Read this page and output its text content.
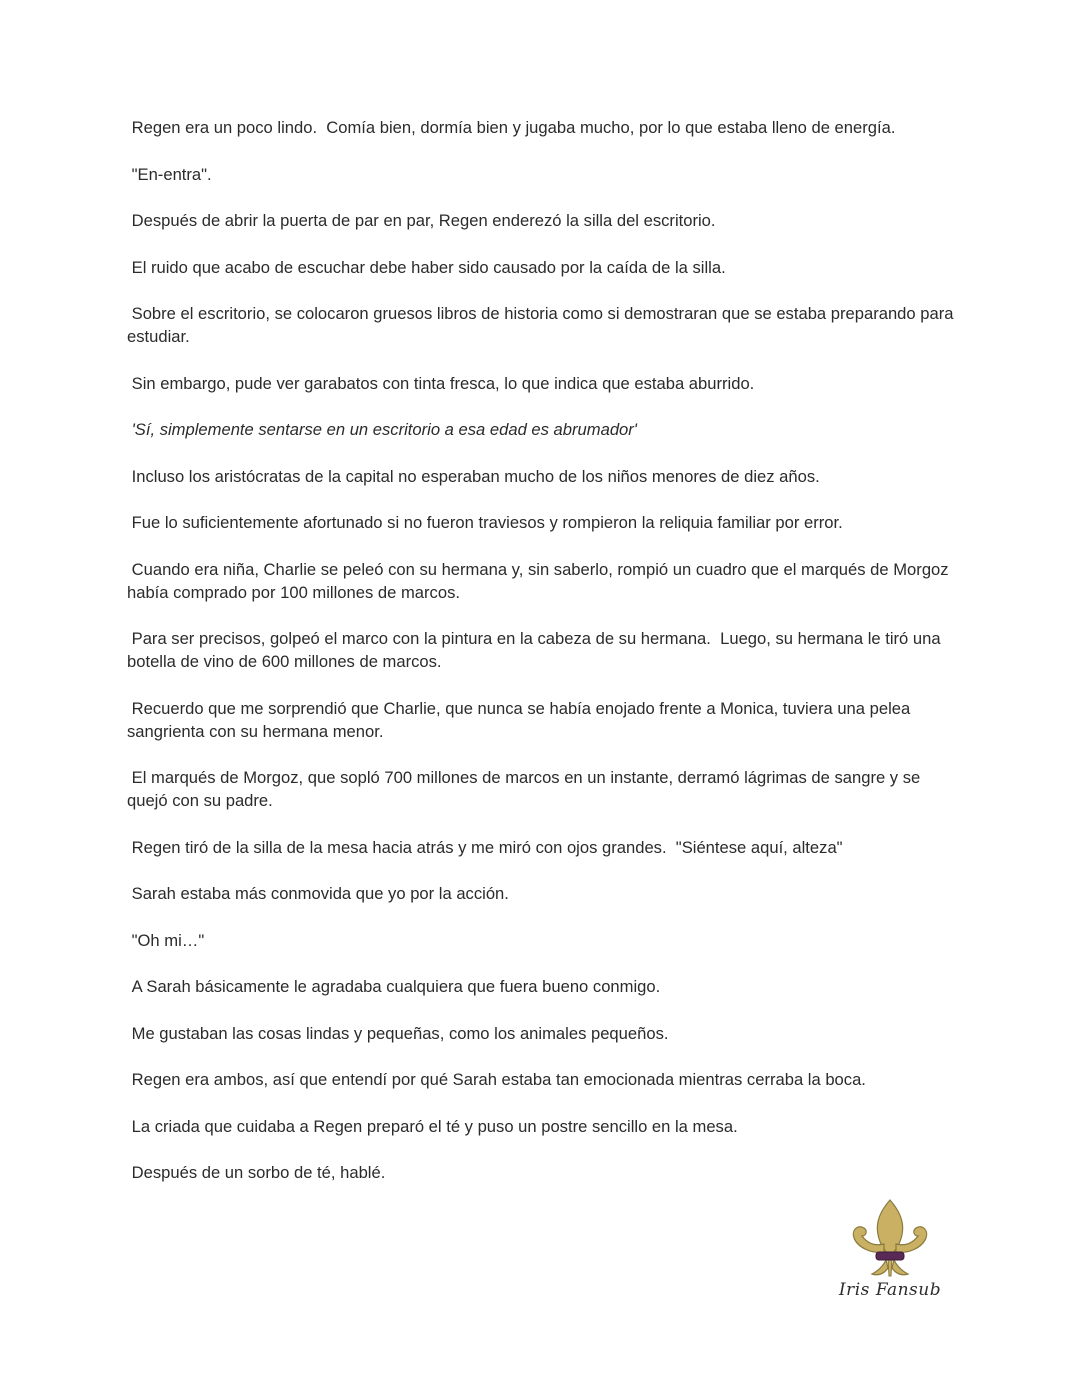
Regen era un poco lindo.  Comía bien, dormía bien y jugaba mucho, por lo que estaba lleno de energía.

"En-entra".

Después de abrir la puerta de par en par, Regen enderezó la silla del escritorio.

El ruido que acabo de escuchar debe haber sido causado por la caída de la silla.

Sobre el escritorio, se colocaron gruesos libros de historia como si demostraran que se estaba preparando para estudiar.

Sin embargo, pude ver garabatos con tinta fresca, lo que indica que estaba aburrido.

'Sí, simplemente sentarse en un escritorio a esa edad es abrumador'

Incluso los aristócratas de la capital no esperaban mucho de los niños menores de diez años.

Fue lo suficientemente afortunado si no fueron traviesos y rompieron la reliquia familiar por error.

Cuando era niña, Charlie se peleó con su hermana y, sin saberlo, rompió un cuadro que el marqués de Morgoz había comprado por 100 millones de marcos.

Para ser precisos, golpeó el marco con la pintura en la cabeza de su hermana.  Luego, su hermana le tiró una botella de vino de 600 millones de marcos.

Recuerdo que me sorprendió que Charlie, que nunca se había enojado frente a Monica, tuviera una pelea sangrienta con su hermana menor.

El marqués de Morgoz, que sopló 700 millones de marcos en un instante, derramó lágrimas de sangre y se quejó con su padre.

Regen tiró de la silla de la mesa hacia atrás y me miró con ojos grandes.  "Siéntese aquí, alteza"

Sarah estaba más conmovida que yo por la acción.

"Oh mi…"

A Sarah básicamente le agradaba cualquiera que fuera bueno conmigo.

Me gustaban las cosas lindas y pequeñas, como los animales pequeños.

Regen era ambos, así que entendí por qué Sarah estaba tan emocionada mientras cerraba la boca.

La criada que cuidaba a Regen preparó el té y puso un postre sencillo en la mesa.

Después de un sorbo de té, hablé.

Iris Fansub
